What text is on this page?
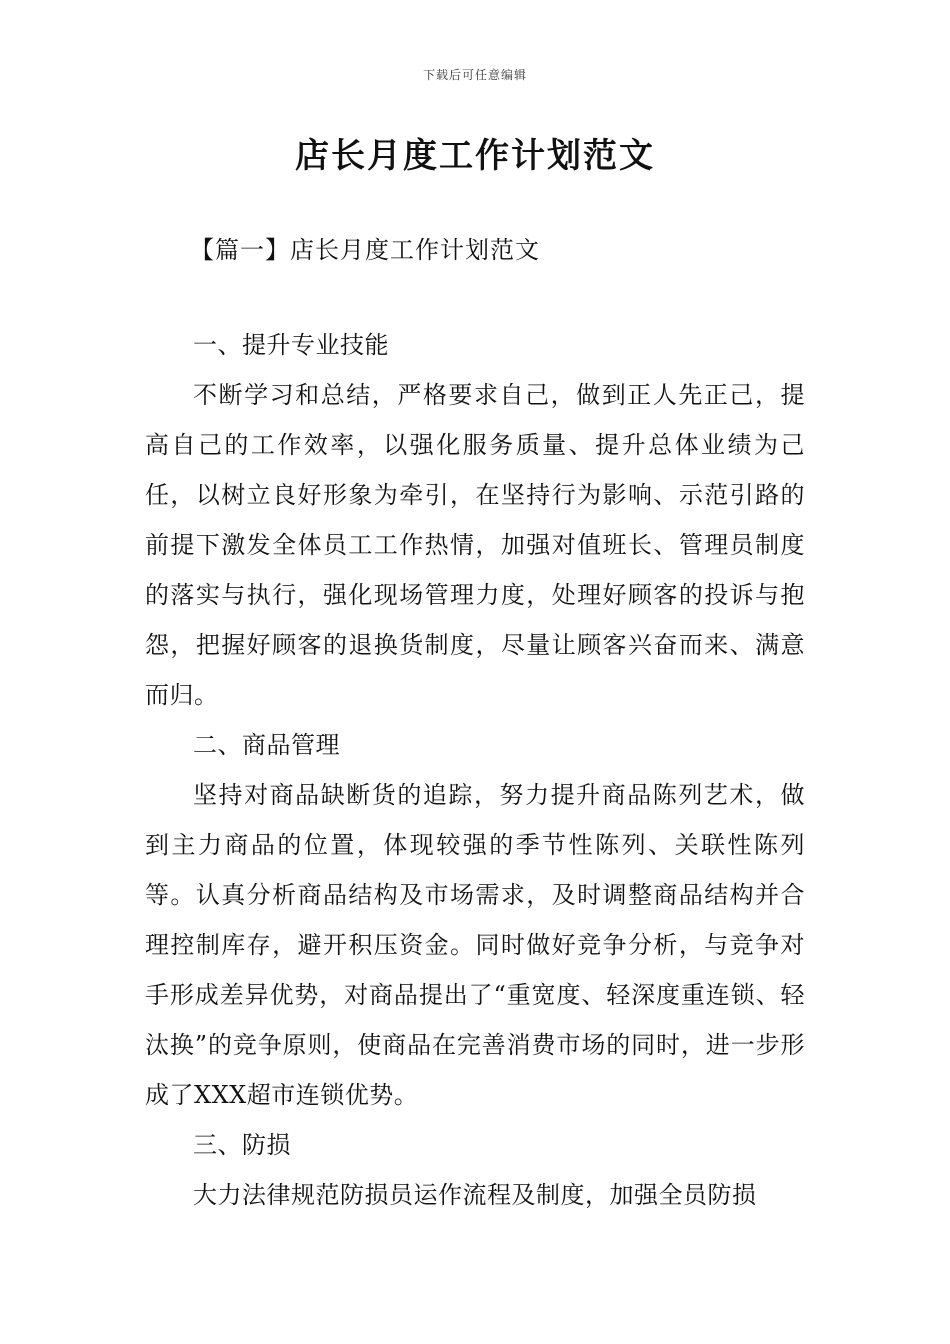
下载后可任意编辑
店长月度工作计划范文
【篇一】店长月度工作计划范文

一、提升专业技能

不断学习和总结，严格要求自己，做到正人先正己，提高自己的工作效率，以强化服务质量、提升总体业绩为己任，以树立良好形象为牵引，在坚持行为影响、示范引路的前提下激发全体员工工作热情，加强对值班长、管理员制度的落实与执行，强化现场管理力度，处理好顾客的投诉与抱怨，把握好顾客的退换货制度，尽量让顾客兴奋而来、满意而归。

二、商品管理

坚持对商品缺断货的追踪，努力提升商品陈列艺术，做到主力商品的位置，体现较强的季节性陈列、关联性陈列等。认真分析商品结构及市场需求，及时调整商品结构并合理控制库存，避开积压资金。同时做好竞争分析，与竞争对手形成差异优势，对商品提出了“重宽度、轻深度重连锁、轻汰换”的竞争原则，使商品在完善消费市场的同时，进一步形成了XXX超市连锁优势。

三、防损

大力法律规范防损员运作流程及制度，加强全员防损
